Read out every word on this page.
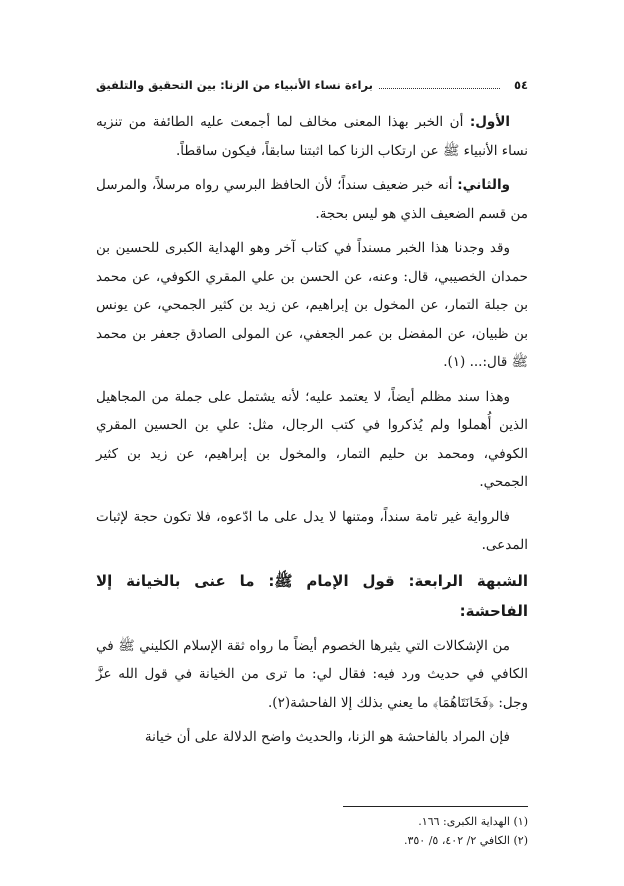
٥٤
براءة نساء الأنبياء من الزنا: بين التحقيق والتلفيق

الأول: أن الخبر بهذا المعنى مخالف لما أجمعت عليه الطائفة من تنزيه نساء الأنبياء ﷺ عن ارتكاب الزنا كما اثبتنا سابقاً، فيكون ساقطاً.

والثاني: أنه خبر ضعيف سنداً؛ لأن الحافظ البرسي رواه مرسلاً، والمرسل من قسم الضعيف الذي هو ليس بحجة.

وقد وجدنا هذا الخبر مسنداً في كتاب آخر وهو الهداية الكبرى للحسين بن حمدان الخصيبي، قال: وعنه، عن الحسن بن علي المقري الكوفي، عن محمد بن جبلة التمار، عن المخول بن إبراهيم، عن زيد بن كثير الجمحي، عن يونس بن ظبيان، عن المفضل بن عمر الجعفي، عن المولى الصادق جعفر بن محمد ﷺ قال:... (١).

وهذا سند مظلم أيضاً، لا يعتمد عليه؛ لأنه يشتمل على جملة من المجاهيل الذين أُهملوا ولم يُذكروا في كتب الرجال، مثل: علي بن الحسين المقري الكوفي، ومحمد بن حليم التمار، والمخول بن إبراهيم، عن زيد بن كثير الجمحي.

فالرواية غير تامة سنداً، ومتنها لا يدل على ما ادّعوه، فلا تكون حجة لإثبات المدعى.

الشبهة الرابعة: قول الإمام ﷺ: ما عنى بالخيانة إلا الفاحشة:

من الإشكالات التي يثيرها الخصوم أيضاً ما رواه ثقة الإسلام الكليني ﷺ في الكافي في حديث ورد فيه: فقال لي: ما ترى من الخيانة في قول الله عزَّ وجل: ﴿فَخَانَتَاهُمَا﴾ ما يعني بذلك إلا الفاحشة(٢).

فإن المراد بالفاحشة هو الزنا، والحديث واضح الدلالة على أن خيانة

(١) الهداية الكبرى: ١٦٦.
(٢) الكافي ٢/ ٤٠٢، ٥/ ٣٥٠.
